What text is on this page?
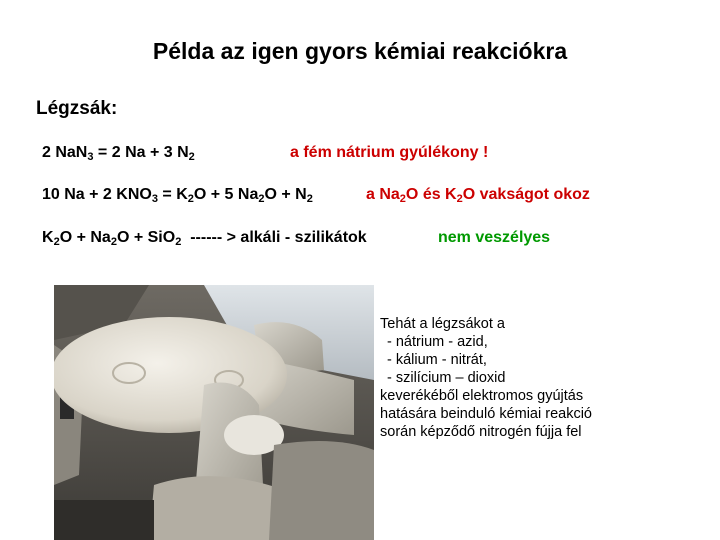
Példa az igen gyors kémiai reakciókra
Légzsák:
2 NaN$_3$ = 2 Na + 3 $N_2$	a fém nátrium gyúlékony !
10 Na + 2 $KNO_3 = K_2O + 5$ $Na_2O + N_2$	a $Na_2O$ és $K_2O$ vakságot okoz
$K_2O + Na_2O + SiO_2$  ------ > alkáli - szilikátok	nem veszélyes
Tehát a légzsákot a
- nátrium - azid,
- kálium - nitrát,
- szilícium – dioxid
keverékéből elektromos gyújtás
hatására beinduló kémiai reakció
során képződő nitrogén fújja fel
